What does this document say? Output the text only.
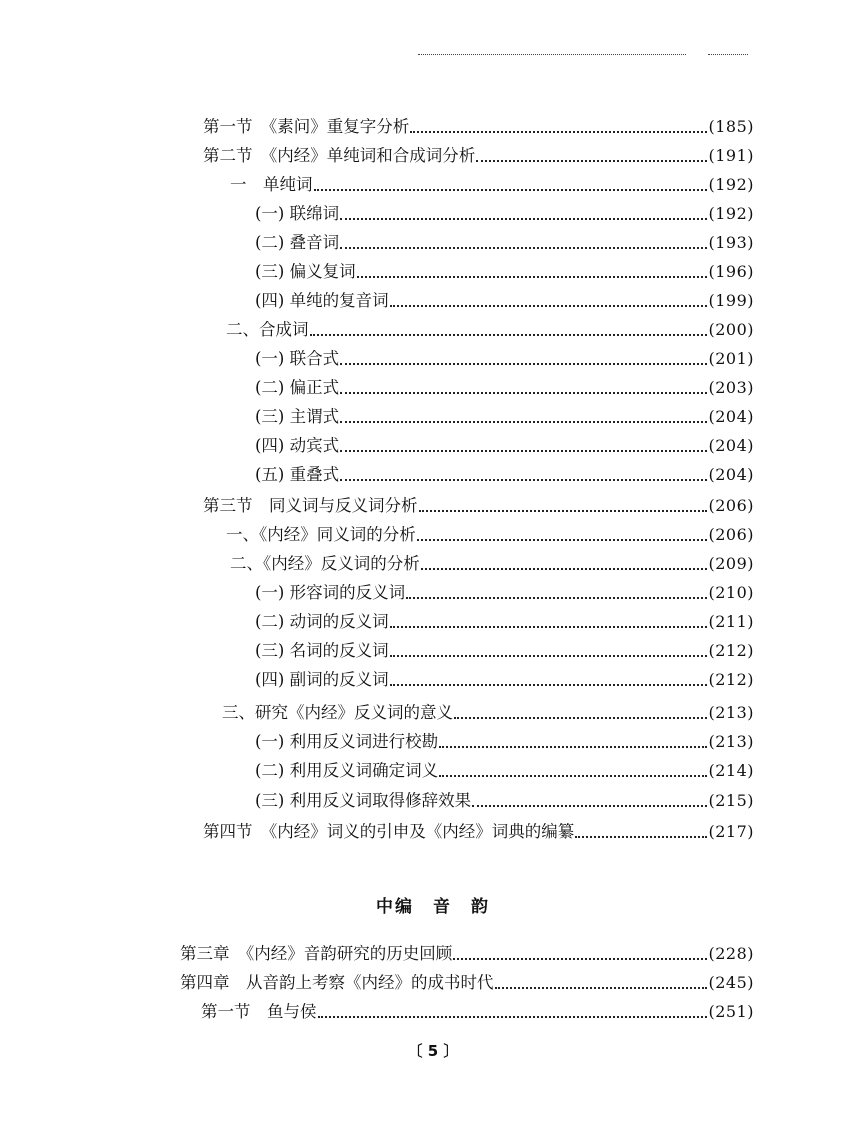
第一节　《素问》重复字分析	(185)
第二节　《内经》单纯词和合成词分析	(191)
一　单纯词	(192)
(一) 联绵词	(192)
(二) 叠音词	(193)
(三) 偏义复词	(196)
(四) 单纯的复音词	(199)
二、合成词	(200)
(一) 联合式	(201)
(二) 偏正式	(203)
(三) 主谓式	(204)
(四) 动宾式	(204)
(五) 重叠式	(204)
第三节　同义词与反义词分析	(206)
一、《内经》同义词的分析	(206)
二、《内经》反义词的分析	(209)
(一) 形容词的反义词	(210)
(二) 动词的反义词	(211)
(三) 名词的反义词	(212)
(四) 副词的反义词	(212)
三、研究《内经》反义词的意义	(213)
(一) 利用反义词进行校勘	(213)
(二) 利用反义词确定词义	(214)
(三) 利用反义词取得修辞效果	(215)
第四节　《内经》词义的引申及《内经》词典的编纂	(217)
中编　音　韵
第三章　《内经》音韵研究的历史回顾	(228)
第四章　从音韵上考察《内经》的成书时代	(245)
第一节　鱼与侯	(251)
〔 5 〕
